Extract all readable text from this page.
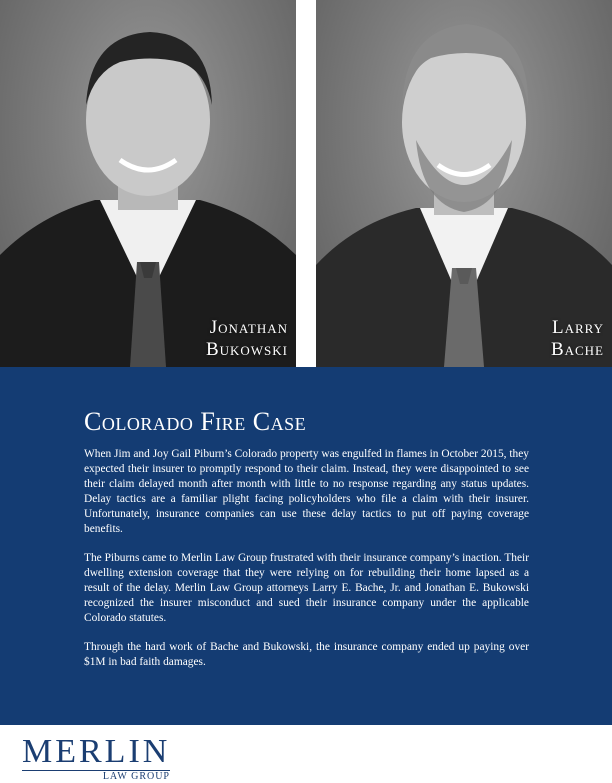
Jonathan
Bukowski
Larry
Bache
Colorado Fire Case

When Jim and Joy Gail Piburn’s Colorado property was engulfed in flames in October 2015, they expected their insurer to promptly respond to their claim. Instead, they were disappointed to see their claim delayed month after month with little to no response regarding any status updates. Delay tactics are a familiar plight facing policyholders who file a claim with their insurer. Unfortunately, insurance companies can use these delay tactics to put off paying coverage benefits.

The Piburns came to Merlin Law Group frustrated with their insurance company’s inaction. Their dwelling extension coverage that they were relying on for rebuilding their home lapsed as a result of the delay. Merlin Law Group attorneys Larry E. Bache, Jr. and Jonathan E. Bukowski recognized the insurer misconduct and sued their insurance company under the applicable Colorado statutes.

Through the hard work of Bache and Bukowski, the insurance company ended up paying over $1M in bad faith damages.

MERLIN
LAW GROUP
